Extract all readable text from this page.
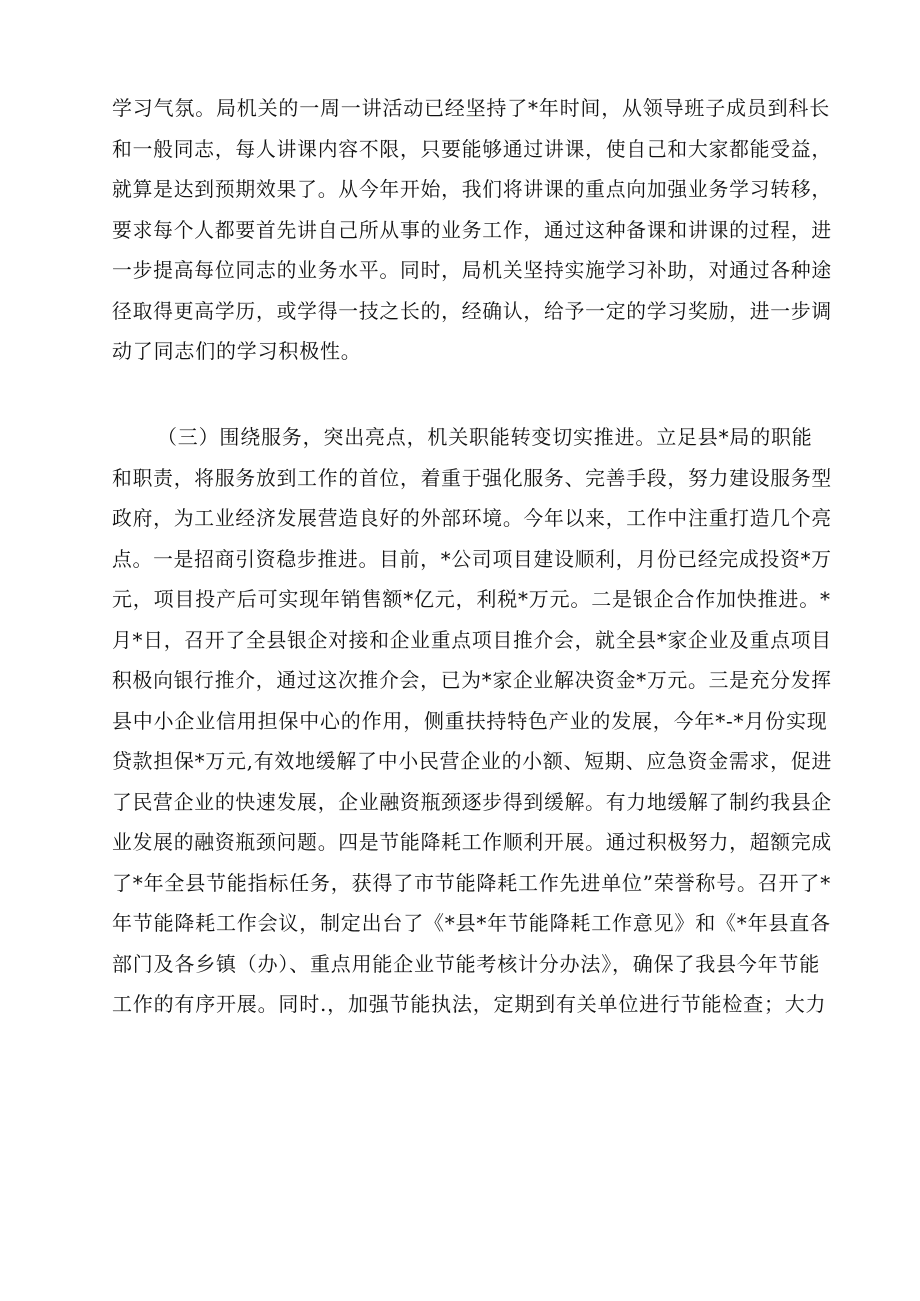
学习气氛。局机关的一周一讲活动已经坚持了*年时间，从领导班子成员到科长
和一般同志，每人讲课内容不限，只要能够通过讲课，使自己和大家都能受益，
就算是达到预期效果了。从今年开始，我们将讲课的重点向加强业务学习转移，
要求每个人都要首先讲自己所从事的业务工作，通过这种备课和讲课的过程，进
一步提高每位同志的业务水平。同时，局机关坚持实施学习补助，对通过各种途
径取得更高学历，或学得一技之长的，经确认，给予一定的学习奖励，进一步调
动了同志们的学习积极性。

（三）围绕服务，突出亮点，机关职能转变切实推进。立足县*局的职能
和职责，将服务放到工作的首位，着重于强化服务、完善手段，努力建设服务型
政府，为工业经济发展营造良好的外部环境。今年以来，工作中注重打造几个亮
点。一是招商引资稳步推进。目前，*公司项目建设顺利，月份已经完成投资*万
元，项目投产后可实现年销售额*亿元，利税*万元。二是银企合作加快推进。*
月*日，召开了全县银企对接和企业重点项目推介会，就全县*家企业及重点项目
积极向银行推介，通过这次推介会，已为*家企业解决资金*万元。三是充分发挥
县中小企业信用担保中心的作用，侧重扶持特色产业的发展，今年*-*月份实现
贷款担保*万元,有效地缓解了中小民营企业的小额、短期、应急资金需求，促进
了民营企业的快速发展，企业融资瓶颈逐步得到缓解。有力地缓解了制约我县企
业发展的融资瓶颈问题。四是节能降耗工作顺利开展。通过积极努力，超额完成
了*年全县节能指标任务，获得了市节能降耗工作先进单位”荣誉称号。召开了*
年节能降耗工作会议，制定出台了《*县*年节能降耗工作意见》和《*年县直各
部门及各乡镇（办）、重点用能企业节能考核计分办法》，确保了我县今年节能
工作的有序开展。同时.，加强节能执法，定期到有关单位进行节能检查；大力
